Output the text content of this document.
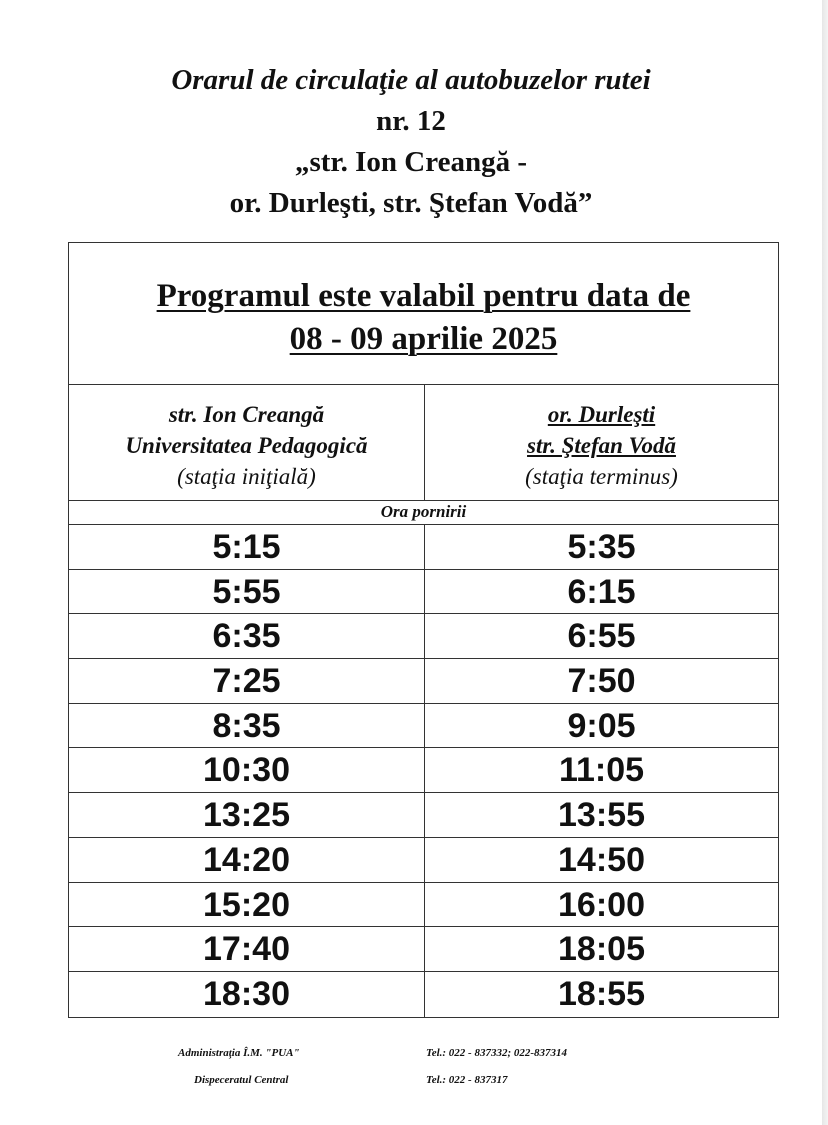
Orarul de circulaţie al autobuzelor rutei
nr. 12
„str. Ion Creangă -
or. Durleşti, str. Ştefan Vodă”
Programul este valabil pentru data de
08 - 09 aprilie 2025
str. Ion Creangă
Universitatea Pedagogică
(staţia iniţială)
or. Durleşti
str. Ştefan Vodă
(staţia terminus)
Ora pornirii
5:15	5:35
5:55	6:15
6:35	6:55
7:25	7:50
8:35	9:05
10:30	11:05
13:25	13:55
14:20	14:50
15:20	16:00
17:40	18:05
18:30	18:55
Administraţia Î.M. "PUA"	Tel.: 022 - 837332; 022-837314
Dispeceratul Central	Tel.: 022 - 837317
